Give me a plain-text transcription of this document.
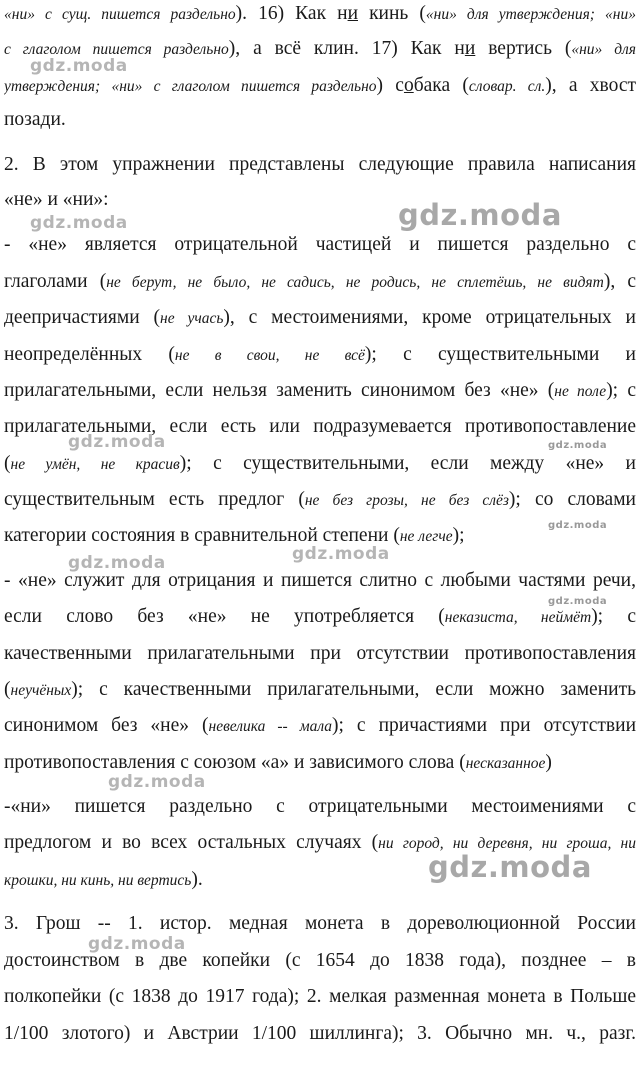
«ни» с сущ. пишется раздельно). 16) Как ни кинь («ни» для утверждения; «ни»
с глаголом пишется раздельно), а всё клин. 17) Как ни вертись («ни» для
утверждения; «ни» с глаголом пишется раздельно) собака (словар. сл.), а хвост
позади.
2. В этом упражнении представлены следующие правила написания
«не» и «ни»:
- «не» является отрицательной частицей и пишется раздельно с
глаголами (не берут, не было, не садись, не родись, не сплетёшь, не видят), с
деепричастиями (не учась), с местоимениями, кроме отрицательных и
неопределённых (не в свои, не всё); с существительными и
прилагательными, если нельзя заменить синонимом без «не» (не поле); с
прилагательными, если есть или подразумевается противопоставление
(не умён, не красив); с существительными, если между «не» и
существительным есть предлог (не без грозы, не без слёз); со словами
категории состояния в сравнительной степени (не легче);
- «не» служит для отрицания и пишется слитно с любыми частями речи,
если слово без «не» не употребляется (неказиста, неймёт); с
качественными прилагательными при отсутствии противопоставления
(неучёных); с качественными прилагательными, если можно заменить
синонимом без «не» (невелика -- мала); с причастиями при отсутствии
противопоставления с союзом «а» и зависимого слова (несказанное)
-«ни» пишется раздельно с отрицательными местоимениями с
предлогом и во всех остальных случаях (ни город, ни деревня, ни гроша, ни
крошки, ни кинь, ни вертись).
3. Грош -- 1. истор. медная монета в дореволюционной России
достоинством в две копейки (с 1654 до 1838 года), позднее – в
полкопейки (с 1838 до 1917 года); 2. мелкая разменная монета в Польше
1/100 злотого) и Австрии 1/100 шиллинга); 3. Обычно мн. ч., разг.
gdz.moda
gdz.moda	gdz.moda
gdz.moda	gdz.moda
gdz.moda
gdz.moda	gdz.moda
gdz.moda
gdz.moda
gdz.moda
gdz.moda
